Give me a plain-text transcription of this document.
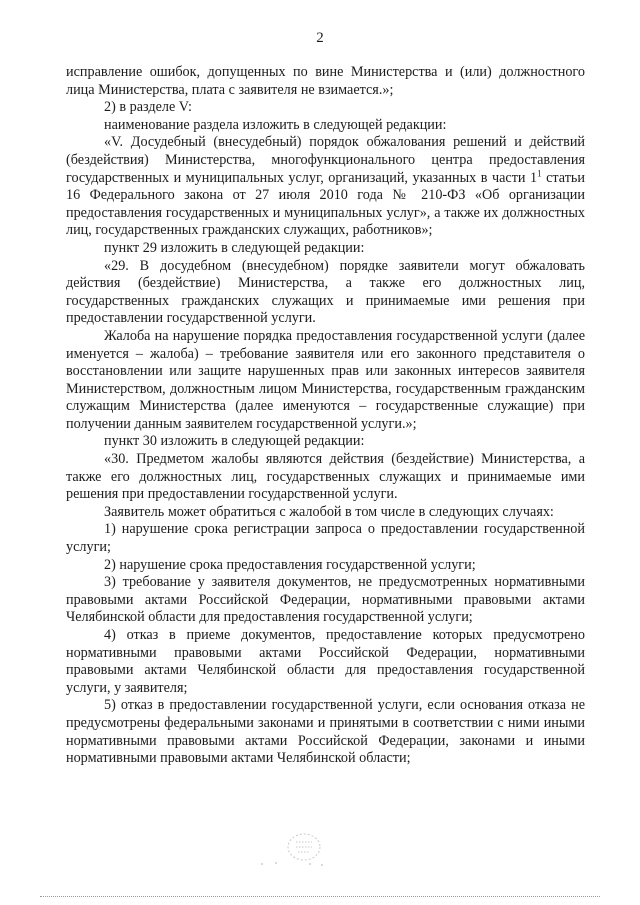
2

исправление ошибок, допущенных по вине Министерства и (или) должностного лица Министерства, плата с заявителя не взимается.»;

2) в разделе V:

наименование раздела изложить в следующей редакции:

«V. Досудебный (внесудебный) порядок обжалования решений и действий (бездействия) Министерства, многофункционального центра предоставления государственных и муниципальных услуг, организаций, указанных в части $1^1$ статьи 16 Федерального закона от 27 июля 2010 года № 210-ФЗ «Об организации предоставления государственных и муниципальных услуг», а также их должностных лиц, государственных гражданских служащих, работников»;

пункт 29 изложить в следующей редакции:

«29. В досудебном (внесудебном) порядке заявители могут обжаловать действия (бездействие) Министерства, а также его должностных лиц, государственных гражданских служащих и принимаемые ими решения при предоставлении государственной услуги.

Жалоба на нарушение порядка предоставления государственной услуги (далее именуется – жалоба) – требование заявителя или его законного представителя о восстановлении или защите нарушенных прав или законных интересов заявителя Министерством, должностным лицом Министерства, государственным гражданским служащим Министерства (далее именуются – государственные служащие) при получении данным заявителем государственной услуги.»;

пункт 30 изложить в следующей редакции:

«30. Предметом жалобы являются действия (бездействие) Министерства, а также его должностных лиц, государственных служащих и принимаемые ими решения при предоставлении государственной услуги.

Заявитель может обратиться с жалобой в том числе в следующих случаях:

1) нарушение срока регистрации запроса о предоставлении государственной услуги;

2) нарушение срока предоставления государственной услуги;

3) требование у заявителя документов, не предусмотренных нормативными правовыми актами Российской Федерации, нормативными правовыми актами Челябинской области для предоставления государственной услуги;

4) отказ в приеме документов, предоставление которых предусмотрено нормативными правовыми актами Российской Федерации, нормативными правовыми актами Челябинской области для предоставления государственной услуги, у заявителя;

5) отказ в предоставлении государственной услуги, если основания отказа не предусмотрены федеральными законами и принятыми в соответствии с ними иными нормативными правовыми актами Российской Федерации, законами и иными нормативными правовыми актами Челябинской области;
